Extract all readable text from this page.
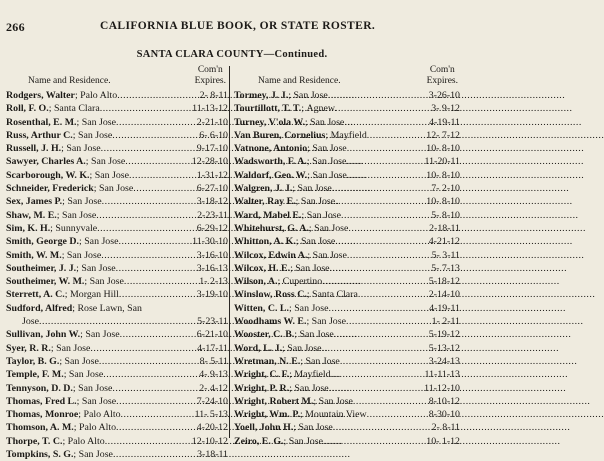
266	CALIFORNIA BLUE BOOK, OR STATE ROSTER.
SANTA CLARA COUNTY—Continued.
Name and Residence.
Com'n
Expires.
Rodgers, Walter ; Palo Alto .....	2- 8-11
Roll, F. O. ; Santa Clara .....	11-13-12
Rosenthal, E. M. ; San Jose .....	2-21-10
Russ, Arthur C. ; San Jose .....	6- 6-10
Russell, J. H. ; San Jose .....	9-17-10
Sawyer, Charles A. ; San Jose .....	12-28-10
Scarborough, W. K. ; San Jose .....	1-31-12
Schneider, Frederick ; San Jose .....	6-27-10
Sex, James P. ; San Jose .....	3-18-12
Shaw, M. E. ; San Jose .....	2-23-11
Sim, K. H. ; Sunnyvale .....	6-29-12
Smith, George D. ; San Jose .....	11-30-10
Smith, W. M. ; San Jose .....	3-16-10
Southeimer, J. J. ; San Jose .....	3-16-13
Southeimer, W. M. ; San Jose .....	1- 2-13
Sterrett, A. C. ; Morgan Hill .....	3-19-10
Sudford, Alfred ; Rose Lawn, San
Jose .....	5-23-11
Sullivan, John W. ; San Jose .....	6-21-10
Syer, R. R. ; San Jose .....	4-17-11
Taylor, B. G. ; San Jose .....	8- 5-11
Temple, F. M. ; San Jose .....	4- 9-13
Tennyson, D. D. ; San Jose .....	2- 4-12
Thomas, Fred L. ; San Jose .....	7-24-10
Thomas, Monroe ; Palo Alto .....	11- 5-13
Thomson, A. M. ; Palo Alto .....	4-20-12
Thorpe, T. C. ; Palo Alto .....	12-10-12
Tompkins, S. G. ; San Jose .....	3-18-11
Name and Residence.
Com'n
Expires.
Tormey, J. J. ; San Jose .....	3-26-10
Tourtillott, T. T. ; Agnew .....	3- 9-12
Turney, V'ola W. ; San Jose .....	4-19-11
Van Buren, Cornelius ; Mayfield .....	12- 7-12
Vatnone, Antonio ; San Jose .....	10- 8-10
Wadsworth, F. A. ; San Jose .....	11-20-11
Waldorf, Geo. W. ; San Jose .....	10- 8-10
Walgren, J. J. ; San Jose .....	7- 2-10
Walter, Ray E. ; San Jose .....	10- 8-10
Ward, Mabel E. ; San Jose .....	5- 8-10
Whitehurst, G. A. ; San Jose .....	2-18-11
Whitton, A. K. ; San Jose .....	4-21-12
Wilcox, Edwin A. ; San Jose .....	5- 3-11
Wilcox, H. E. ; San Jose .....	5- 7-13
Wilson, A. ; Cupertino .....	5-18-12
Winslow, Ross C. ; Santa Clara .....	2-14-10
Witten, C. L. ; San Jose .....	4-19-11
Woodhams W. E. ; San Jose .....	1- 2-11
Wooster, C. B. ; San Jose .....	5-19-12
Word, L. J. ; San Jose .....	5-13-12
Wretman, N. E. ; San Jose .....	3-24-13
Wright, C. F. ; Mayfield .....	11-11-13
Wright, P. R. ; San Jose .....	11-12-10
Wright, Robert M. ; San Jose .....	8-10-12
Wright, Wm. P. ; Mountain View .....	8-30-10
Yoell, John H. ; San Jose .....	2- 8-11
Zeiro, E. G. ; San Jose .....	10- 1-12
